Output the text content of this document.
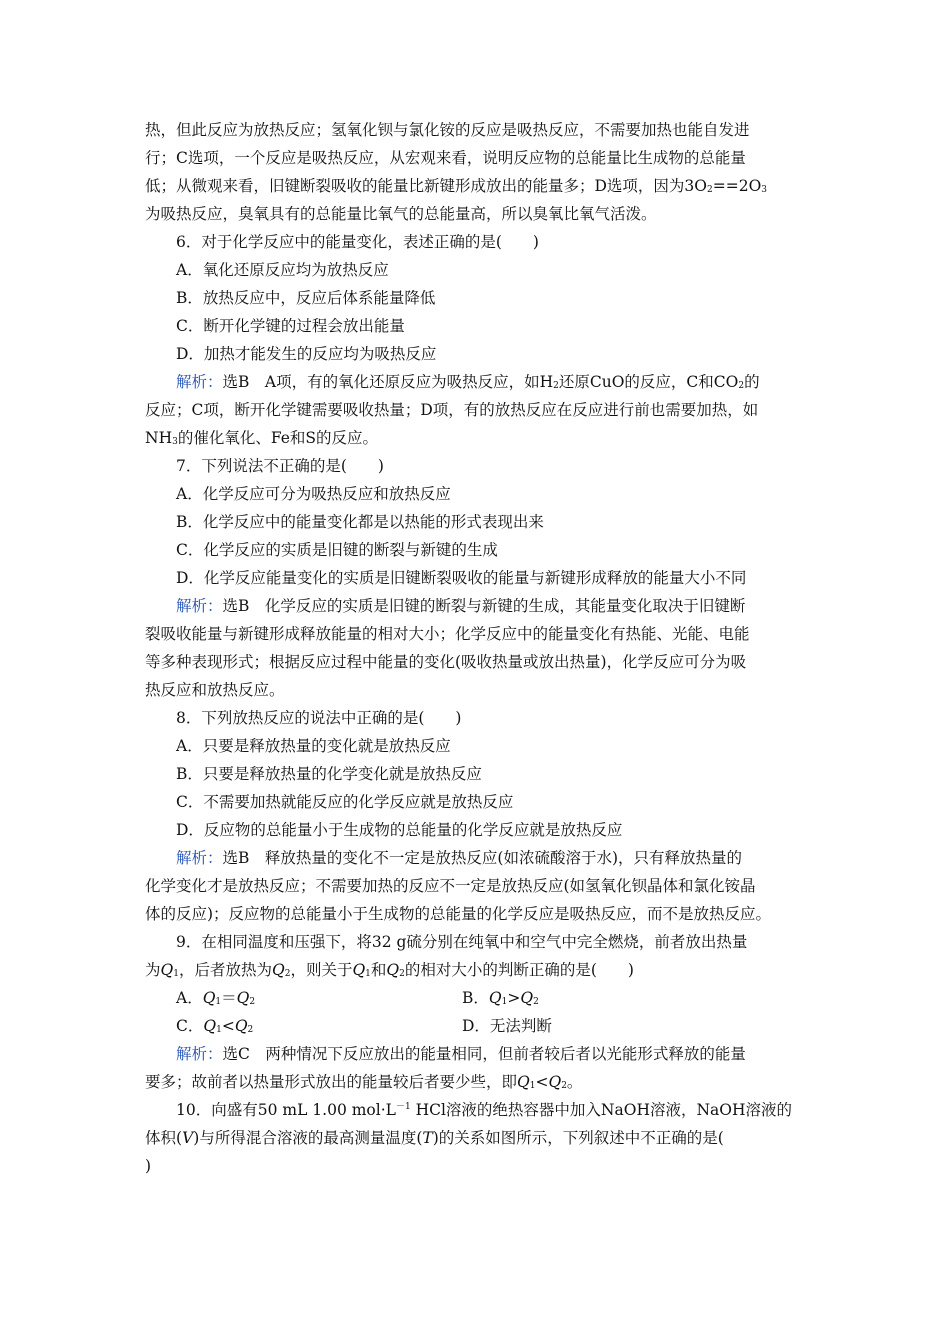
热，但此反应为放热反应；氢氧化钡与氯化铵的反应是吸热反应，不需要加热也能自发进
行；C选项，一个反应是吸热反应，从宏观来看，说明反应物的总能量比生成物的总能量
低；从微观来看，旧键断裂吸收的能量比新键形成放出的能量多；D选项，因为$3O_2==2O_3$
为吸热反应，臭氧具有的总能量比氧气的总能量高，所以臭氧比氧气活泼。
6．对于化学反应中的能量变化，表述正确的是(　　)
A．氧化还原反应均为放热反应
B．放热反应中，反应后体系能量降低
C．断开化学键的过程会放出能量
D．加热才能发生的反应均为吸热反应
解析：选B　A项，有的氧化还原反应为吸热反应，如$H_2$还原CuO的反应，C和$CO_2$的
反应；C项，断开化学键需要吸收热量；D项，有的放热反应在反应进行前也需要加热，如
$NH_3$的催化氧化、Fe和S的反应。
7．下列说法不正确的是(　　)
A．化学反应可分为吸热反应和放热反应
B．化学反应中的能量变化都是以热能的形式表现出来
C．化学反应的实质是旧键的断裂与新键的生成
D．化学反应能量变化的实质是旧键断裂吸收的能量与新键形成释放的能量大小不同
解析：选B　化学反应的实质是旧键的断裂与新键的生成，其能量变化取决于旧键断
裂吸收能量与新键形成释放能量的相对大小；化学反应中的能量变化有热能、光能、电能
等多种表现形式；根据反应过程中能量的变化(吸收热量或放出热量)，化学反应可分为吸
热反应和放热反应。
8．下列放热反应的说法中正确的是(　　)
A．只要是释放热量的变化就是放热反应
B．只要是释放热量的化学变化就是放热反应
C．不需要加热就能反应的化学反应就是放热反应
D．反应物的总能量小于生成物的总能量的化学反应就是放热反应
解析：选B　释放热量的变化不一定是放热反应(如浓硫酸溶于水)，只有释放热量的
化学变化才是放热反应；不需要加热的反应不一定是放热反应(如氢氧化钡晶体和氯化铵晶
体的反应)；反应物的总能量小于生成物的总能量的化学反应是吸热反应，而不是放热反应。
9．在相同温度和压强下，将32 g硫分别在纯氧中和空气中完全燃烧，前者放出热量
为$Q_1$，后者放热为$Q_2$，则关于$Q_1$和$Q_2$的相对大小的判断正确的是(　　)
A．$Q_1=Q_2$	B．$Q_1>Q_2$
C．$Q_1<Q_2$	D．无法判断
解析：选C　两种情况下反应放出的能量相同，但前者较后者以光能形式释放的能量
要多；故前者以热量形式放出的能量较后者要少些，即$Q_1<Q_2$。
10．向盛有50 mL 1.00 $mol\cdot L^{-1}$ HCl溶液的绝热容器中加入NaOH溶液，NaOH溶液的
体积(V)与所得混合溶液的最高测量温度(T)的关系如图所示，下列叙述中不正确的是(
)
